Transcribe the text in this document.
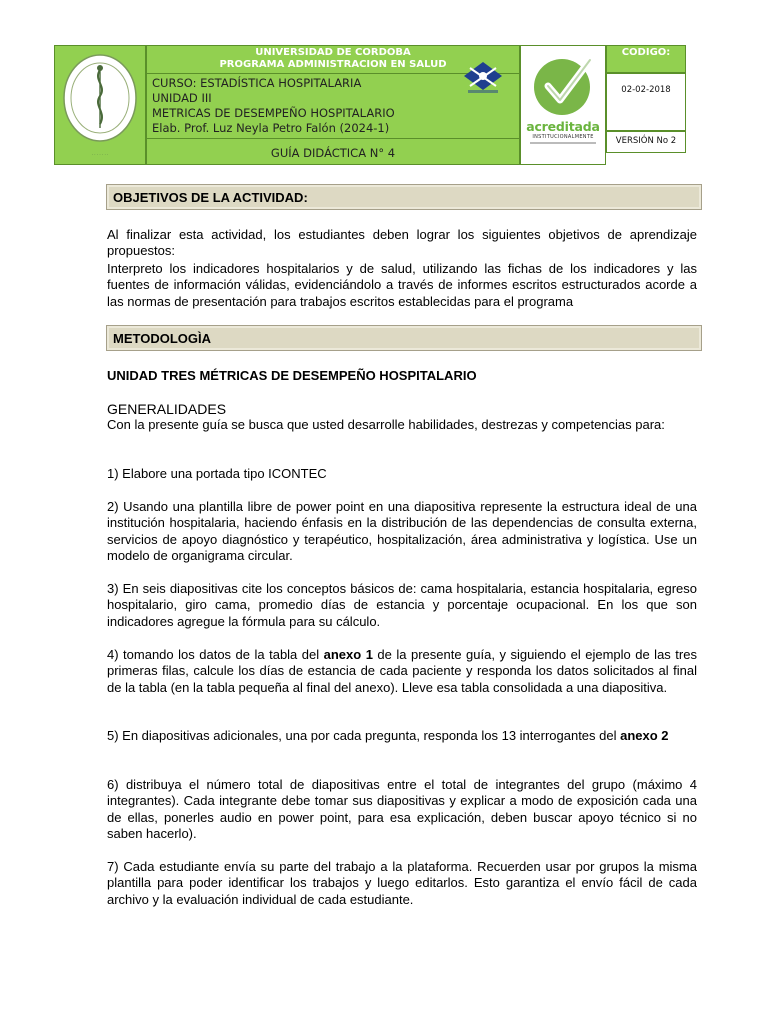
· · · · · · ·
UNIVERSIDAD DE CORDOBA
PROGRAMA ADMINISTRACION EN SALUD
CURSO: ESTADÍSTICA HOSPITALARIA
UNIDAD III
METRICAS DE DESEMPEÑO HOSPITALARIO
Elab. Prof. Luz Neyla Petro Falón (2024-1)
GUÍA DIDÁCTICA N° 4
acreditada
INSTITUCIONALMENTE
CODIGO:
02-02-2018
VERSIÓN No 2
OBJETIVOS DE LA ACTIVIDAD:
Al finalizar esta actividad, los estudiantes deben lograr los siguientes objetivos de aprendizaje propuestos:
Interpreto los indicadores hospitalarios y de salud, utilizando las fichas de los indicadores y las fuentes de información válidas, evidenciándolo a través de informes escritos estructurados acorde a las normas de presentación para trabajos escritos establecidas para el programa
METODOLOGÌA
UNIDAD TRES MÉTRICAS DE DESEMPEÑO HOSPITALARIO
GENERALIDADES
Con la presente guía se busca que usted desarrolle habilidades, destrezas y competencias para:
1) Elabore una portada tipo ICONTEC
2) Usando una plantilla libre de power point en una diapositiva represente la estructura ideal de una institución hospitalaria, haciendo énfasis en la distribución de las dependencias de consulta externa, servicios de apoyo diagnóstico y terapéutico, hospitalización, área administrativa y logística. Use un modelo de organigrama circular.
3) En seis diapositivas cite los conceptos básicos de: cama hospitalaria, estancia hospitalaria, egreso hospitalario, giro cama, promedio días de estancia y porcentaje ocupacional. En los que son indicadores agregue la fórmula para su cálculo.
4) tomando los datos de la tabla del anexo 1 de la presente guía, y siguiendo el ejemplo de las tres primeras filas, calcule los días de estancia de cada paciente y responda los datos solicitados al final de la tabla (en la tabla pequeña al final del anexo). Lleve esa tabla consolidada a una diapositiva.
5) En diapositivas adicionales, una por cada pregunta, responda los 13 interrogantes del anexo 2
6) distribuya el número total de diapositivas entre el total de integrantes del grupo (máximo 4 integrantes). Cada integrante debe tomar sus diapositivas y explicar a modo de exposición cada una de ellas, ponerles audio en power point, para esa explicación, deben buscar apoyo técnico si no saben hacerlo).
7) Cada estudiante envía su parte del trabajo a la plataforma. Recuerden usar por grupos la misma plantilla para poder identificar los trabajos y luego editarlos. Esto garantiza el envío fácil de cada archivo y la evaluación individual de cada estudiante.
